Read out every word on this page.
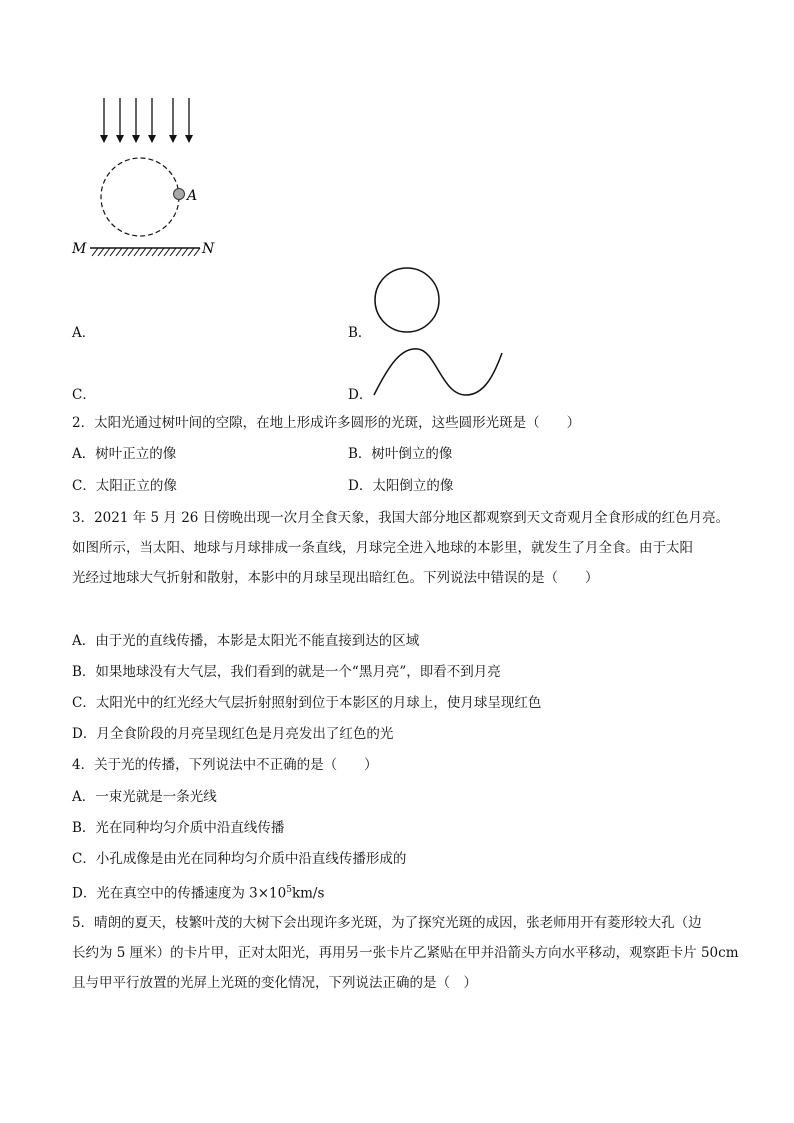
A
M	N
A．	B．
C．	D．
2．太阳光通过树叶间的空隙，在地上形成许多圆形的光斑，这些圆形光斑是（　　）
A．树叶正立的像	B．树叶倒立的像
C．太阳正立的像	D．太阳倒立的像
3．2021 年 5 月 26 日傍晚出现一次月全食天象，我国大部分地区都观察到天文奇观月全食形成的红色月亮。
如图所示，当太阳、地球与月球排成一条直线，月球完全进入地球的本影里，就发生了月全食。由于太阳
光经过地球大气折射和散射，本影中的月球呈现出暗红色。下列说法中错误的是（　　）
A．由于光的直线传播，本影是太阳光不能直接到达的区域
B．如果地球没有大气层，我们看到的就是一个“黑月亮”，即看不到月亮
C．太阳光中的红光经大气层折射照射到位于本影区的月球上，使月球呈现红色
D．月全食阶段的月亮呈现红色是月亮发出了红色的光
4．关于光的传播，下列说法中不正确的是（　　）
A．一束光就是一条光线
B．光在同种均匀介质中沿直线传播
C．小孔成像是由光在同种均匀介质中沿直线传播形成的
D．光在真空中的传播速度为 $3\times 10^5km/s$
5．晴朗的夏天，枝繁叶茂的大树下会出现许多光斑，为了探究光斑的成因，张老师用开有菱形较大孔（边
长约为 5 厘米）的卡片甲，正对太阳光，再用另一张卡片乙紧贴在甲并沿箭头方向水平移动，观察距卡片 50cm
且与甲平行放置的光屏上光斑的变化情况，下列说法正确的是（　）
